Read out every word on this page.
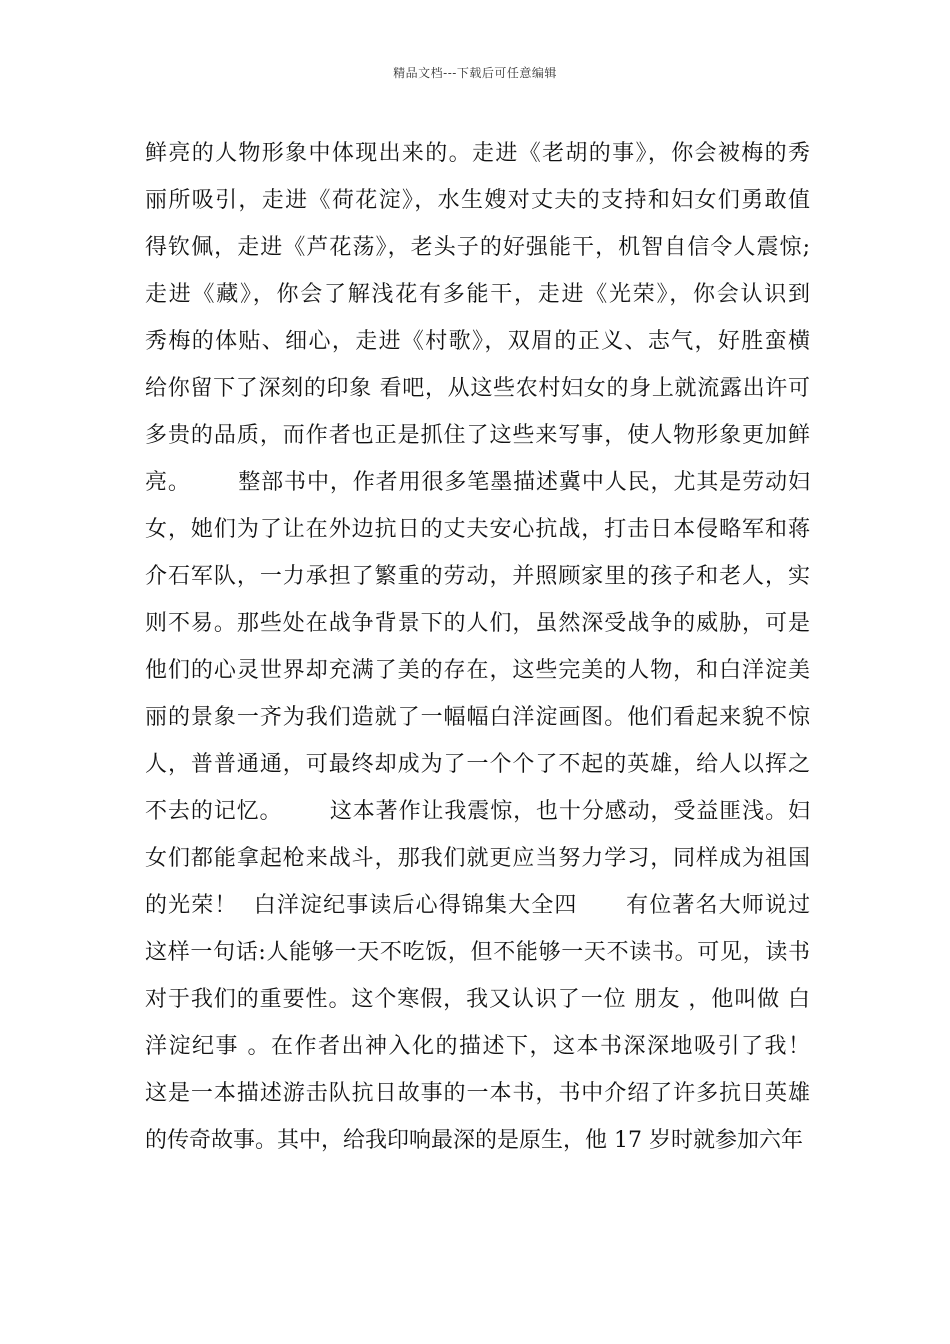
精品文档---下载后可任意编辑
鲜亮的人物形象中体现出来的。走进《老胡的事》，你会被梅的秀
丽所吸引，走进《荷花淀》，水生嫂对丈夫的支持和妇女们勇敢值
得钦佩，走进《芦花荡》，老头子的好强能干，机智自信令人震惊;
走进《藏》，你会了解浅花有多能干，走进《光荣》，你会认识到
秀梅的体贴、细心，走进《村歌》，双眉的正义、志气，好胜蛮横
给你留下了深刻的印象 看吧，从这些农村妇女的身上就流露出许可
多贵的品质，而作者也正是抓住了这些来写事，使人物形象更加鲜
亮。      整部书中，作者用很多笔墨描述冀中人民，尤其是劳动妇
女，她们为了让在外边抗日的丈夫安心抗战，打击日本侵略军和蒋
介石军队，一力承担了繁重的劳动，并照顾家里的孩子和老人，实
则不易。那些处在战争背景下的人们，虽然深受战争的威胁，可是
他们的心灵世界却充满了美的存在，这些完美的人物，和白洋淀美
丽的景象一齐为我们造就了一幅幅白洋淀画图。他们看起来貌不惊
人，普普通通，可最终却成为了一个个了不起的英雄，给人以挥之
不去的记忆。      这本著作让我震惊，也十分感动，受益匪浅。妇
女们都能拿起枪来战斗，那我们就更应当努力学习，同样成为祖国
的光荣！  白洋淀纪事读后心得锦集大全四      有位著名大师说过
这样一句话:人能够一天不吃饭，但不能够一天不读书。可见，读书
对于我们的重要性。这个寒假，我又认识了一位 朋友 ，他叫做 白
洋淀纪事 。在作者出神入化的描述下，这本书深深地吸引了我！
这是一本描述游击队抗日故事的一本书，书中介绍了许多抗日英雄
的传奇故事。其中，给我印响最深的是原生，他 17 岁时就参加六年
